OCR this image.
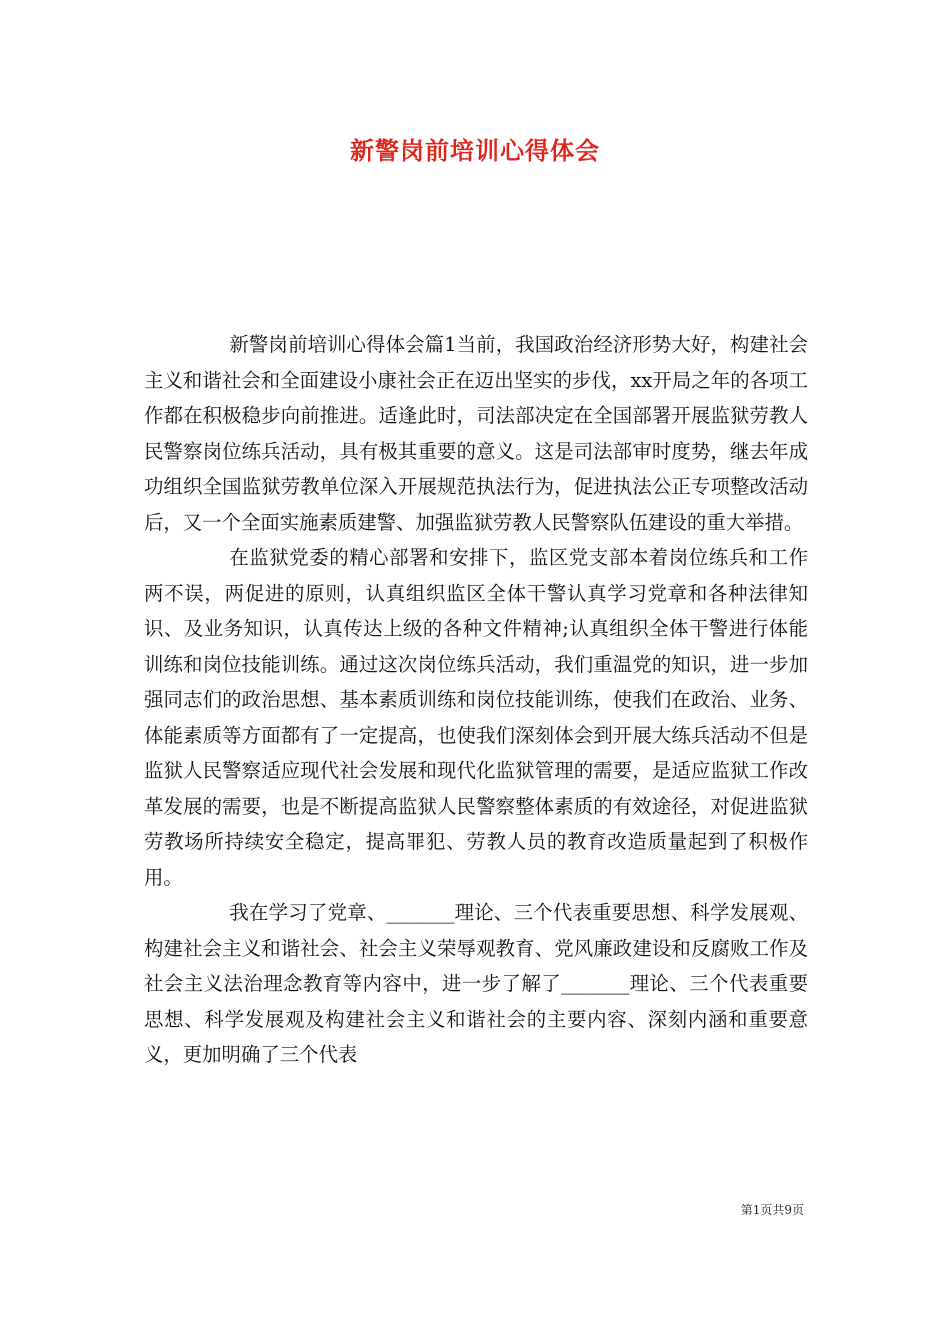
新警岗前培训心得体会

新警岗前培训心得体会篇1当前，我国政治经济形势大好，构建社会主义和谐社会和全面建设小康社会正在迈出坚实的步伐，xx开局之年的各项工作都在积极稳步向前推进。适逢此时，司法部决定在全国部署开展监狱劳教人民警察岗位练兵活动，具有极其重要的意义。这是司法部审时度势，继去年成功组织全国监狱劳教单位深入开展规范执法行为，促进执法公正专项整改活动后，又一个全面实施素质建警、加强监狱劳教人民警察队伍建设的重大举措。

在监狱党委的精心部署和安排下，监区党支部本着岗位练兵和工作两不误，两促进的原则，认真组织监区全体干警认真学习党章和各种法律知识、及业务知识，认真传达上级的各种文件精神;认真组织全体干警进行体能训练和岗位技能训练。通过这次岗位练兵活动，我们重温党的知识，进一步加强同志们的政治思想、基本素质训练和岗位技能训练，使我们在政治、业务、体能素质等方面都有了一定提高，也使我们深刻体会到开展大练兵活动不但是监狱人民警察适应现代社会发展和现代化监狱管理的需要，是适应监狱工作改革发展的需要，也是不断提高监狱人民警察整体素质的有效途径，对促进监狱劳教场所持续安全稳定，提高罪犯、劳教人员的教育改造质量起到了积极作用。

我在学习了党章、_______理论、三个代表重要思想、科学发展观、构建社会主义和谐社会、社会主义荣辱观教育、党风廉政建设和反腐败工作及社会主义法治理念教育等内容中，进一步了解了_______理论、三个代表重要思想、科学发展观及构建社会主义和谐社会的主要内容、深刻内涵和重要意义，更加明确了三个代表

第1页共9页
